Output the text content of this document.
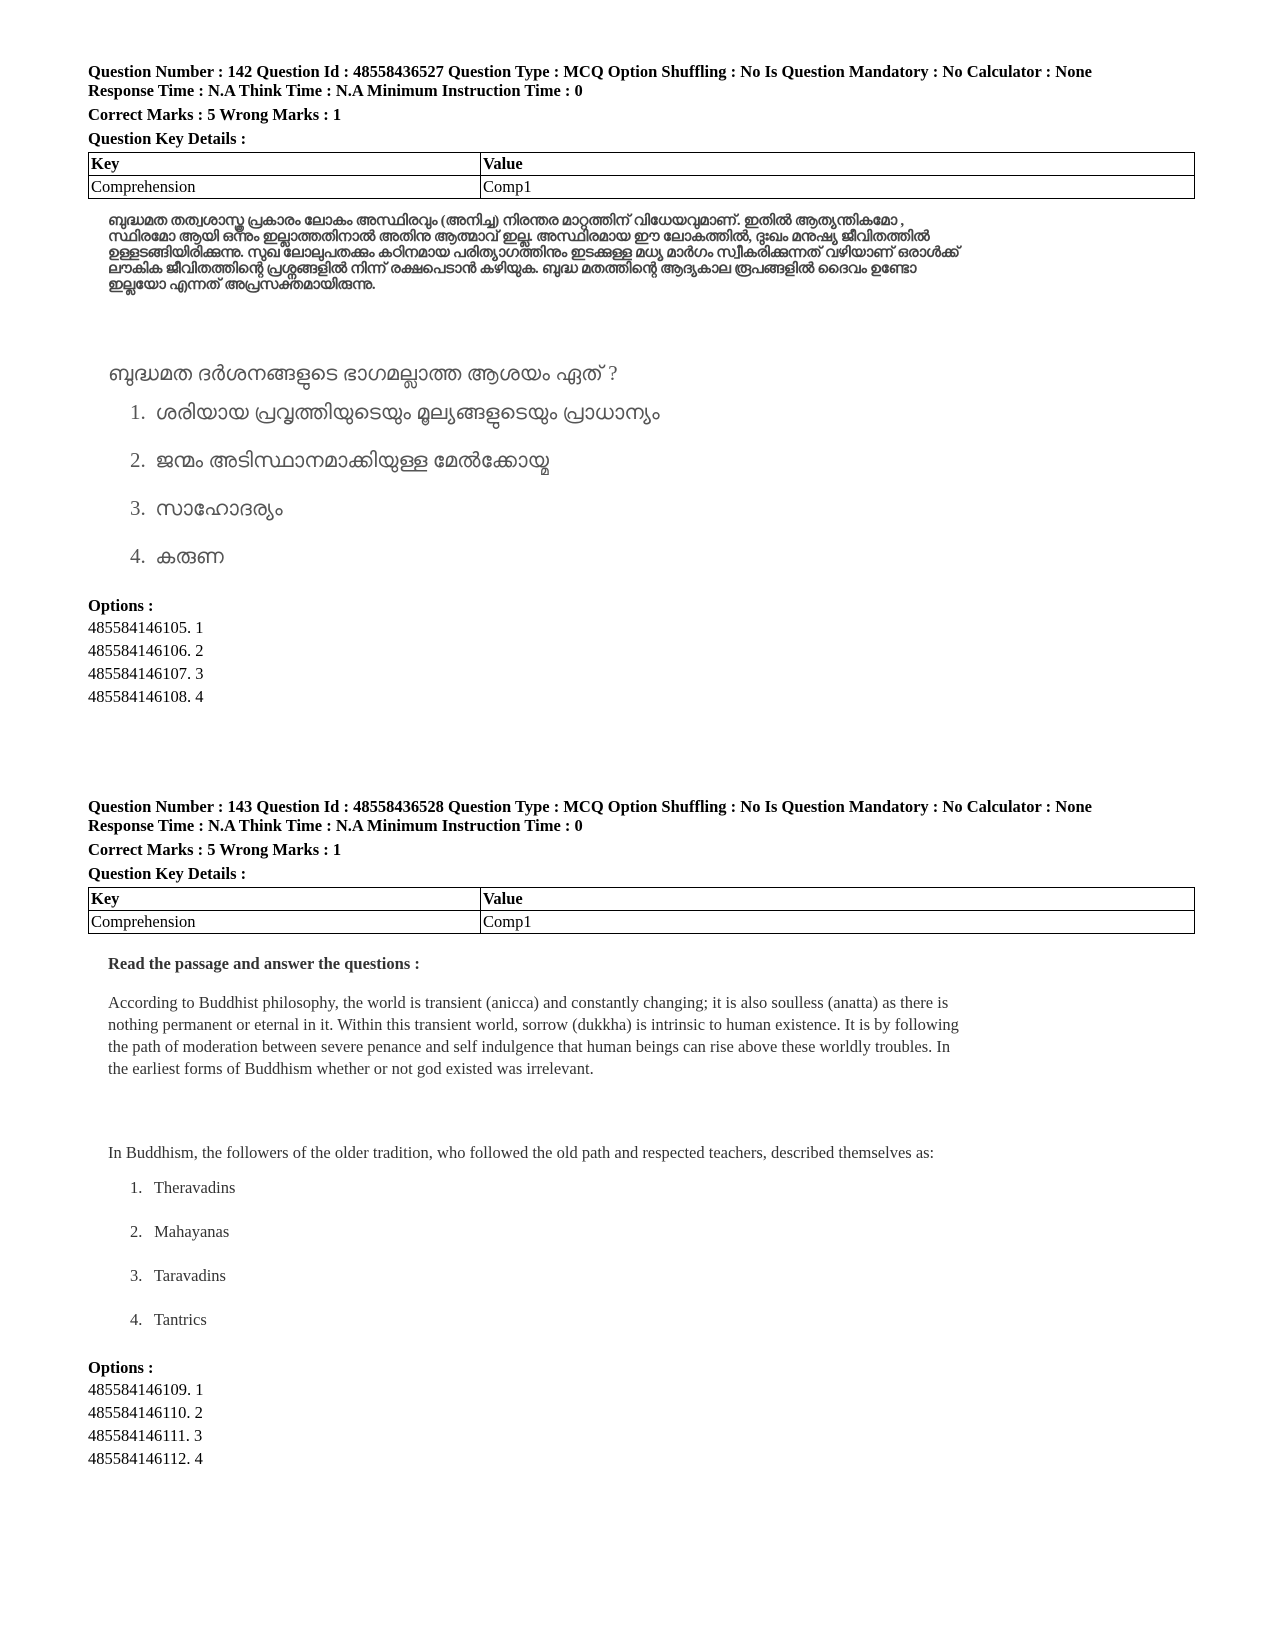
Question Number : 142 Question Id : 48558436527 Question Type : MCQ Option Shuffling : No Is Question Mandatory : No Calculator : None
Response Time : N.A Think Time : N.A Minimum Instruction Time : 0
Correct Marks : 5 Wrong Marks : 1
Question Key Details :
Key	Value
Comprehension	Comp1
ബുദ്ധമത തത്വശാസ്ത്ര പ്രകാരം ലോകം അസ്ഥിരവും (അനിച്ച) നിരന്തര മാറ്റത്തിന് വിധേയവുമാണ്. ഇതിൽ ആത്യന്തികമോ , സ്ഥിരമോ ആയി ഒന്നും ഇല്ലാത്തതിനാൽ അതിനു ആത്മാവ് ഇല്ല. അസ്ഥിരമായ ഈ ലോകത്തിൽ, ദുഃഖം മനുഷ്യ ജീവിതത്തിൽ ഉള്ളടങ്ങിയിരിക്കുന്നു. സുഖ ലോലുപതക്കും കഠിനമായ പരിത്യാഗത്തിനും ഇടക്കുള്ള മധ്യ മാർഗം സ്വീകരിക്കുന്നത് വഴിയാണ് ഒരാൾക്ക് ലൗകിക ജീവിതത്തിന്റെ പ്രശ്നങ്ങളിൽ നിന്ന് രക്ഷപെടാൻ കഴിയുക. ബുദ്ധ മതത്തിന്റെ ആദ്യകാല രൂപങ്ങളിൽ ദൈവം ഉണ്ടോ ഇല്ലയോ എന്നത് അപ്രസക്തമായിരുന്നു.
ബുദ്ധമത ദർശനങ്ങളുടെ ഭാഗമല്ലാത്ത ആശയം ഏത് ?
1. ശരിയായ പ്രവൃത്തിയുടെയും മൂല്യങ്ങളുടെയും പ്രാധാന്യം
2. ജന്മം അടിസ്ഥാനമാക്കിയുള്ള മേൽക്കോയ്മ
3. സാഹോദര്യം
4. കരുണ
Options :
485584146105. 1
485584146106. 2
485584146107. 3
485584146108. 4
Question Number : 143 Question Id : 48558436528 Question Type : MCQ Option Shuffling : No Is Question Mandatory : No Calculator : None
Response Time : N.A Think Time : N.A Minimum Instruction Time : 0
Correct Marks : 5 Wrong Marks : 1
Question Key Details :
Key	Value
Comprehension	Comp1
Read the passage and answer the questions :
According to Buddhist philosophy, the world is transient (anicca) and constantly changing; it is also soulless (anatta) as there is nothing permanent or eternal in it. Within this transient world, sorrow (dukkha) is intrinsic to human existence. It is by following the path of moderation between severe penance and self indulgence that human beings can rise above these worldly troubles. In the earliest forms of Buddhism whether or not god existed was irrelevant.
In Buddhism, the followers of the older tradition, who followed the old path and respected teachers, described themselves as:
1. Theravadins
2. Mahayanas
3. Taravadins
4. Tantrics
Options :
485584146109. 1
485584146110. 2
485584146111. 3
485584146112. 4
